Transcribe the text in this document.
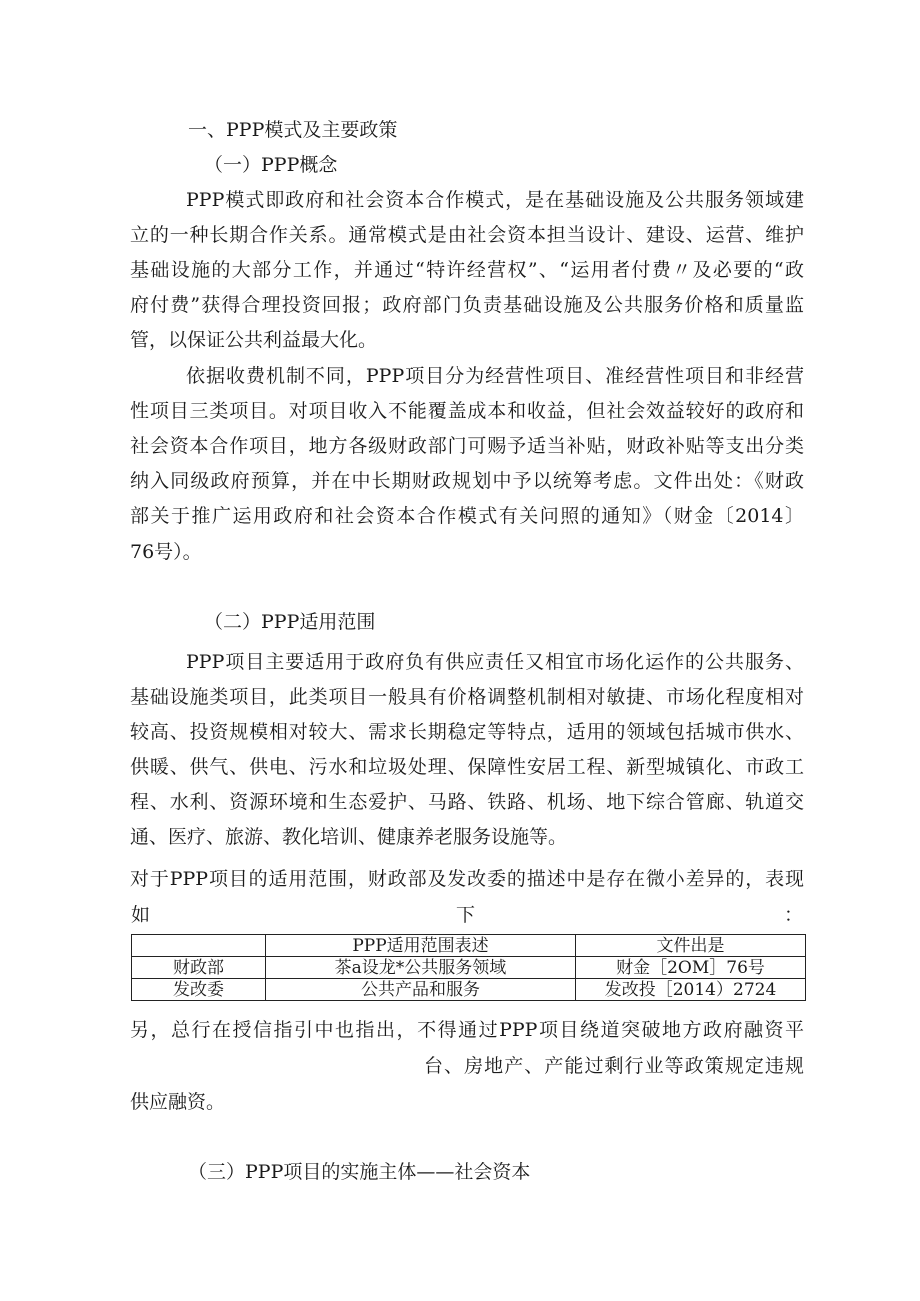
一、PPP模式及主要政策
（一）PPP概念
PPP模式即政府和社会资本合作模式，是在基础设施及公共服务领域建
立的一种长期合作关系。通常模式是由社会资本担当设计、建设、运营、维护
基础设施的大部分工作，并通过“特许经营权”、“运用者付费〃及必要的“政
府付费”获得合理投资回报；政府部门负责基础设施及公共服务价格和质量监
管，以保证公共利益最大化。
依据收费机制不同，PPP项目分为经营性项目、准经营性项目和非经营
性项目三类项目。对项目收入不能覆盖成本和收益，但社会效益较好的政府和
社会资本合作项目，地方各级财政部门可赐予适当补贴，财政补贴等支出分类
纳入同级政府预算，并在中长期财政规划中予以统筹考虑。文件出处：《财政
部关于推广运用政府和社会资本合作模式有关问照的通知》（财金〔2014〕
76号）。
（二）PPP适用范围
PPP项目主要适用于政府负有供应责任又相宜市场化运作的公共服务、
基础设施类项目，此类项目一般具有价格调整机制相对敏捷、市场化程度相对
较高、投资规模相对较大、需求长期稳定等特点，适用的领域包括城市供水、
供暖、供气、供电、污水和垃圾处理、保障性安居工程、新型城镇化、市政工
程、水利、资源环境和生态爱护、马路、铁路、机场、地下综合管廊、轨道交
通、医疗、旅游、教化培训、健康养老服务设施等。
对于PPP项目的适用范围，财政部及发改委的描述中是存在微小差异的，表现
如	下	：
	PPP适用范围表述	文件出是
财政部	茶a设龙*公共服务领域	财金［2OM］76号
发改委	公共产品和服务	发改投［2014）2724
另，总行在授信指引中也指出，不得通过PPP项目绕道突破地方政府融资平
台、房地产、产能过剩行业等政策规定违规
供应融资。
（三）PPP项目的实施主体——社会资本
